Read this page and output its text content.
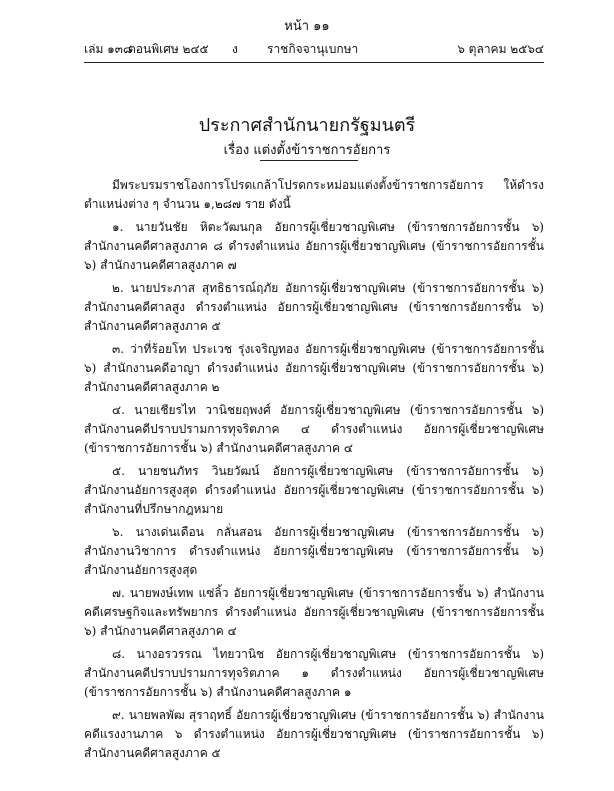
หน้า ๑๑
เล่ม ๑๓๘
ตอนพิเศษ ๒๔๕ ง ราชกิจจานุเบกษา	๖ ตุลาคม ๒๕๖๔
ประกาศสำนักนายกรัฐมนตรี
เรื่อง แต่งตั้งข้าราชการอัยการ

มีพระบรมราชโองการโปรดเกล้าโปรดกระหม่อมแต่งตั้งข้าราชการอัยการ ให้ดำรงตำแหน่งต่าง ๆ จำนวน ๑,๒๘๗ ราย ดังนี้

๑. นายวันชัย หิตะวัฒนกุล อัยการผู้เชี่ยวชาญพิเศษ (ข้าราชการอัยการชั้น ๖) สำนักงานคดีศาลสูงภาค ๘ ดำรงตำแหน่ง อัยการผู้เชี่ยวชาญพิเศษ (ข้าราชการอัยการชั้น ๖) สำนักงานคดีศาลสูงภาค ๗

๒. นายประภาส สุทธิธารณ์ฤภัย อัยการผู้เชี่ยวชาญพิเศษ (ข้าราชการอัยการชั้น ๖) สำนักงานคดีศาลสูง ดำรงตำแหน่ง อัยการผู้เชี่ยวชาญพิเศษ (ข้าราชการอัยการชั้น ๖) สำนักงานคดีศาลสูงภาค ๕

๓. ว่าที่ร้อยโท ประเวช รุ่งเจริญทอง อัยการผู้เชี่ยวชาญพิเศษ (ข้าราชการอัยการชั้น ๖) สำนักงานคดีอาญา ดำรงตำแหน่ง อัยการผู้เชี่ยวชาญพิเศษ (ข้าราชการอัยการชั้น ๖) สำนักงานคดีศาลสูงภาค ๒

๔. นายเชียรไท วานิชยฤพงศ์ อัยการผู้เชี่ยวชาญพิเศษ (ข้าราชการอัยการชั้น ๖) สำนักงานคดีปราบปรามการทุจริตภาค ๔ ดำรงตำแหน่ง อัยการผู้เชี่ยวชาญพิเศษ (ข้าราชการอัยการชั้น ๖) สำนักงานคดีศาลสูงภาค ๔

๕. นายชนภัทร วินยวัฒน์ อัยการผู้เชี่ยวชาญพิเศษ (ข้าราชการอัยการชั้น ๖) สำนักงานอัยการสูงสุด ดำรงตำแหน่ง อัยการผู้เชี่ยวชาญพิเศษ (ข้าราชการอัยการชั้น ๖) สำนักงานที่ปรึกษากฎหมาย

๖. นางเด่นเดือน กลั่นสอน อัยการผู้เชี่ยวชาญพิเศษ (ข้าราชการอัยการชั้น ๖) สำนักงานวิชาการ ดำรงตำแหน่ง อัยการผู้เชี่ยวชาญพิเศษ (ข้าราชการอัยการชั้น ๖) สำนักงานอัยการสูงสุด

๗. นายพงษ์เทพ แซ่ลิ้ว อัยการผู้เชี่ยวชาญพิเศษ (ข้าราชการอัยการชั้น ๖) สำนักงานคดีเศรษฐกิจและทรัพยากร ดำรงตำแหน่ง อัยการผู้เชี่ยวชาญพิเศษ (ข้าราชการอัยการชั้น ๖) สำนักงานคดีศาลสูงภาค ๔

๘. นางอรวรรณ ไทยวานิช อัยการผู้เชี่ยวชาญพิเศษ (ข้าราชการอัยการชั้น ๖) สำนักงานคดีปราบปรามการทุจริตภาค ๑ ดำรงตำแหน่ง อัยการผู้เชี่ยวชาญพิเศษ (ข้าราชการอัยการชั้น ๖) สำนักงานคดีศาลสูงภาค ๑

๙. นายพลพัฒ สุราฤทธิ์ อัยการผู้เชี่ยวชาญพิเศษ (ข้าราชการอัยการชั้น ๖) สำนักงานคดีแรงงานภาค ๖ ดำรงตำแหน่ง อัยการผู้เชี่ยวชาญพิเศษ (ข้าราชการอัยการชั้น ๖) สำนักงานคดีศาลสูงภาค ๕
